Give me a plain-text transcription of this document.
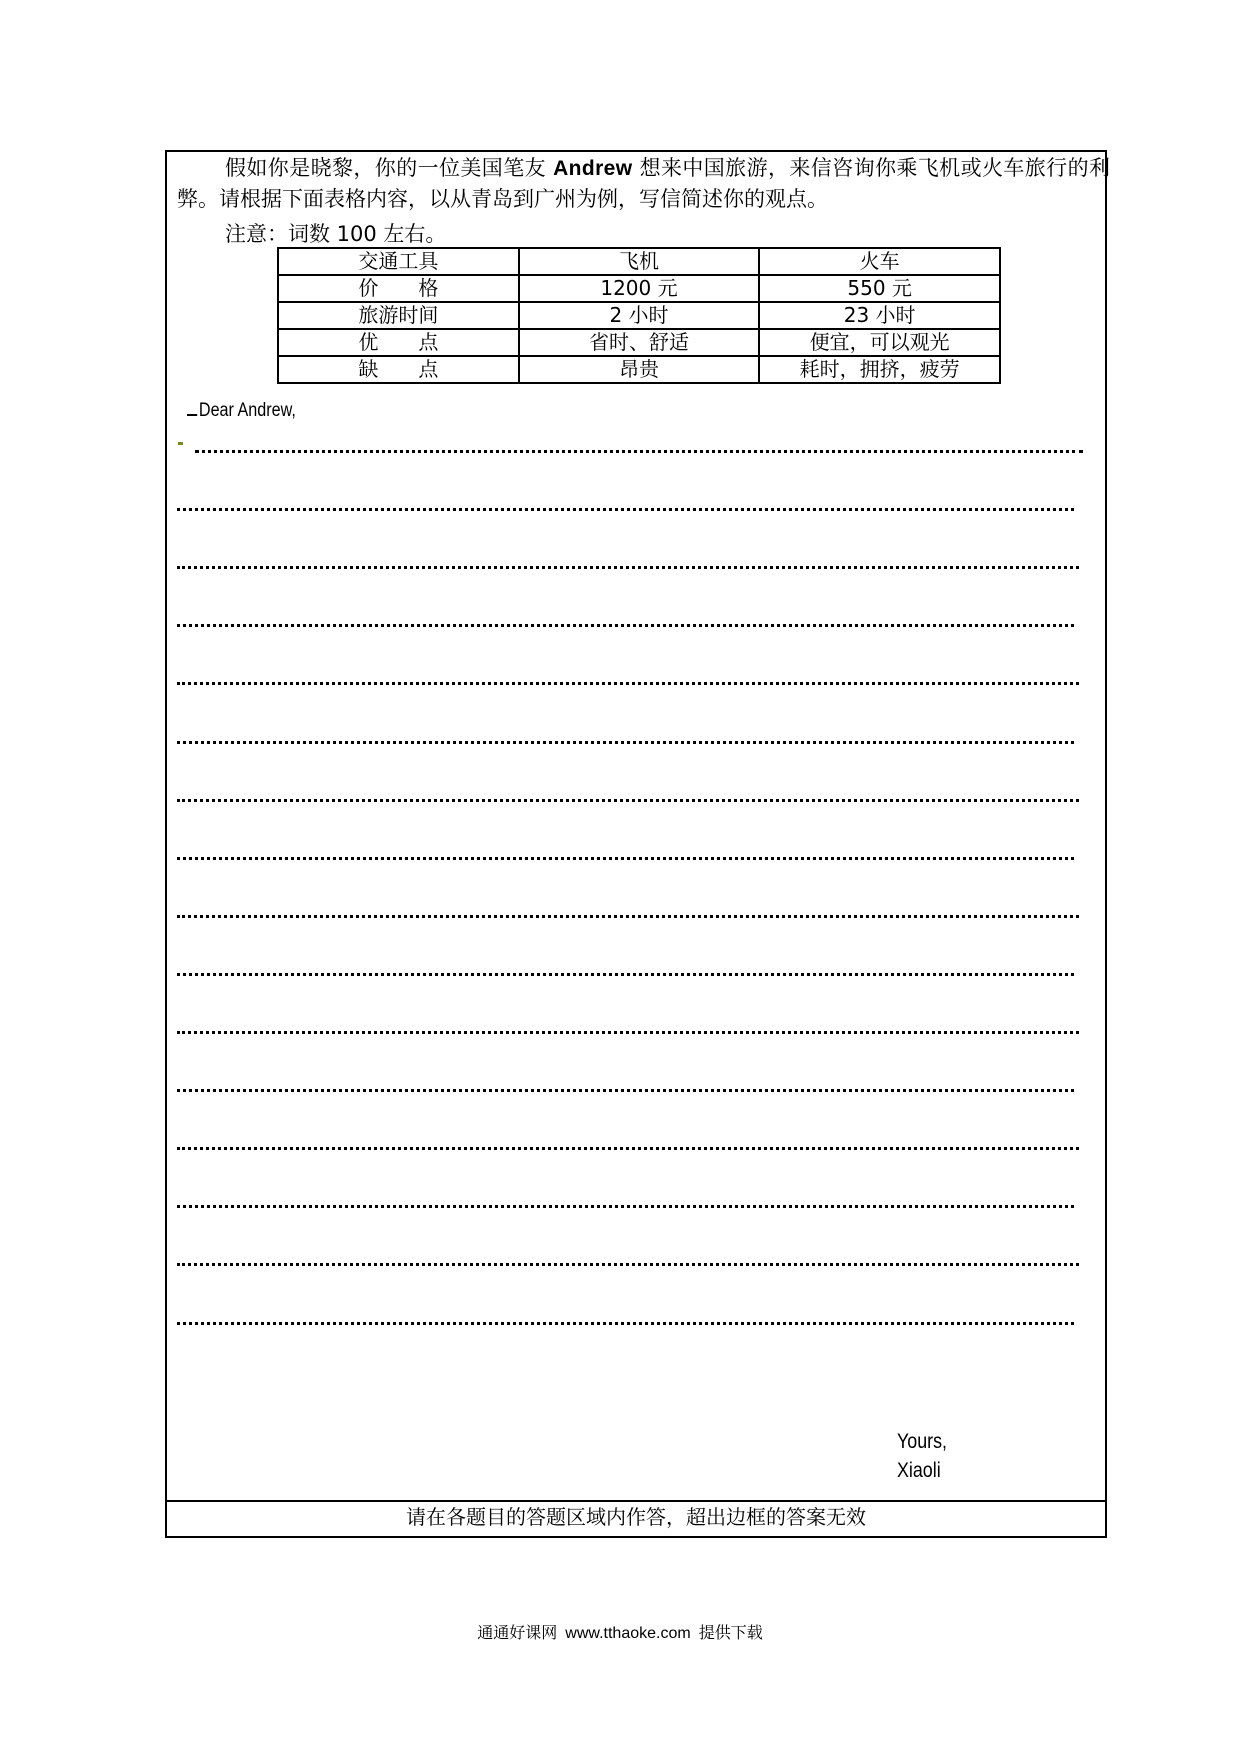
假如你是晓黎，你的一位美国笔友 Andrew 想来中国旅游，来信咨询你乘飞机或火车旅行的利
弊。请根据下面表格内容，以从青岛到广州为例，写信简述你的观点。
注意：词数 100 左右。
交通工具	飞机	火车
价　　格	1200 元	550 元
旅游时间	2 小时	23 小时
优　　点	省时、舒适	便宜，可以观光
缺　　点	昂贵	耗时，拥挤，疲劳
Dear Andrew,
Yours,
Xiaoli
请在各题目的答题区域内作答，超出边框的答案无效
通通好课网 www.tthaoke.com 提供下载
